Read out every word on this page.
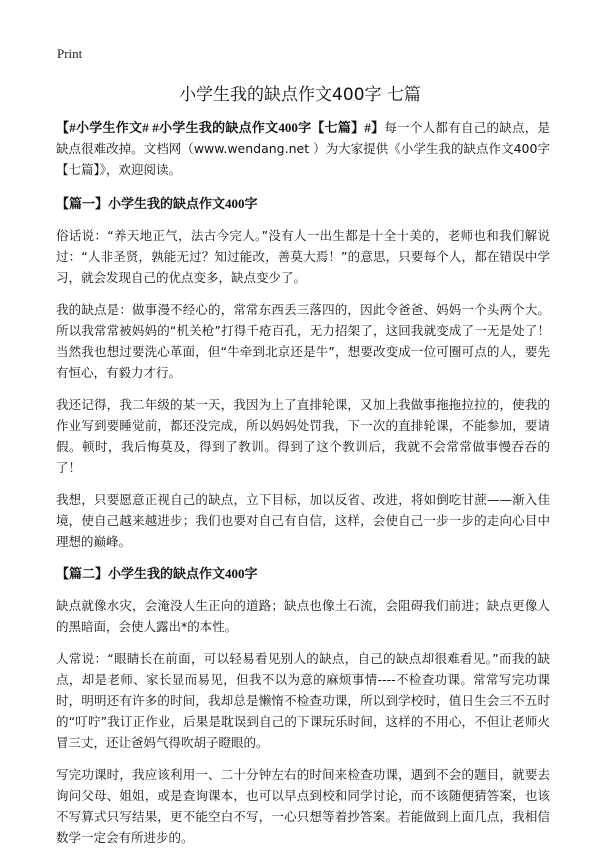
Print
小学生我的缺点作文400字 七篇

【#小学生作文# #小学生我的缺点作文400字【七篇】#】每一个人都有自己的缺点，是缺点很难改掉。文档网（www.wendang.net ）为大家提供《小学生我的缺点作文400字【七篇】》，欢迎阅读。

【篇一】小学生我的缺点作文400字

俗话说：“养天地正气，法古今完人。”没有人一出生都是十全十美的，老师也和我们解说过：“人非圣贤，孰能无过？知过能改，善莫大焉！”的意思，只要每个人，都在错误中学习，就会发现自己的优点变多，缺点变少了。

我的缺点是：做事漫不经心的，常常东西丢三落四的，因此令爸爸、妈妈一个头两个大。所以我常常被妈妈的“机关枪”打得千疮百孔，无力招架了，这回我就变成了一无是处了！当然我也想过要洗心革面，但“牛牵到北京还是牛”，想要改变成一位可圈可点的人，要先有恒心，有毅力才行。

我还记得，我二年级的某一天，我因为上了直排轮课，又加上我做事拖拖拉拉的，使我的作业写到要睡觉前，都还没完成，所以妈妈处罚我，下一次的直排轮课，不能参加，要请假。顿时，我后悔莫及，得到了教训。得到了这个教训后，我就不会常常做事慢吞吞的了！

我想，只要愿意正视自己的缺点，立下目标，加以反省、改进，将如倒吃甘蔗——渐入佳境，使自己越来越进步；我们也要对自己有自信，这样，会使自己一步一步的走向心目中理想的巅峰。

【篇二】小学生我的缺点作文400字

缺点就像水灾，会淹没人生正向的道路；缺点也像土石流，会阻碍我们前进；缺点更像人的黑暗面，会使人露出*的本性。

人常说：“眼睛长在前面，可以轻易看见别人的缺点，自己的缺点却很难看见。”而我的缺点，却是老师、家长显而易见，但我不以为意的麻烦事情----不检查功课。常常写完功课时，明明还有许多的时间，我却总是懒惰不检查功课，所以到学校时，值日生会三不五时的“叮咛”我订正作业，后果是耽误到自己的下课玩乐时间，这样的不用心，不但让老师火冒三丈，还让爸妈气得吹胡子瞪眼的。

写完功课时，我应该利用一、二十分钟左右的时间来检查功课，遇到不会的题目，就要去询问父母、姐姐，或是查询课本，也可以早点到校和同学讨论，而不该随便猜答案，也该不写算式只写结果，更不能空白不写，一心只想等着抄答案。若能做到上面几点，我相信数学一定会有所进步的。
